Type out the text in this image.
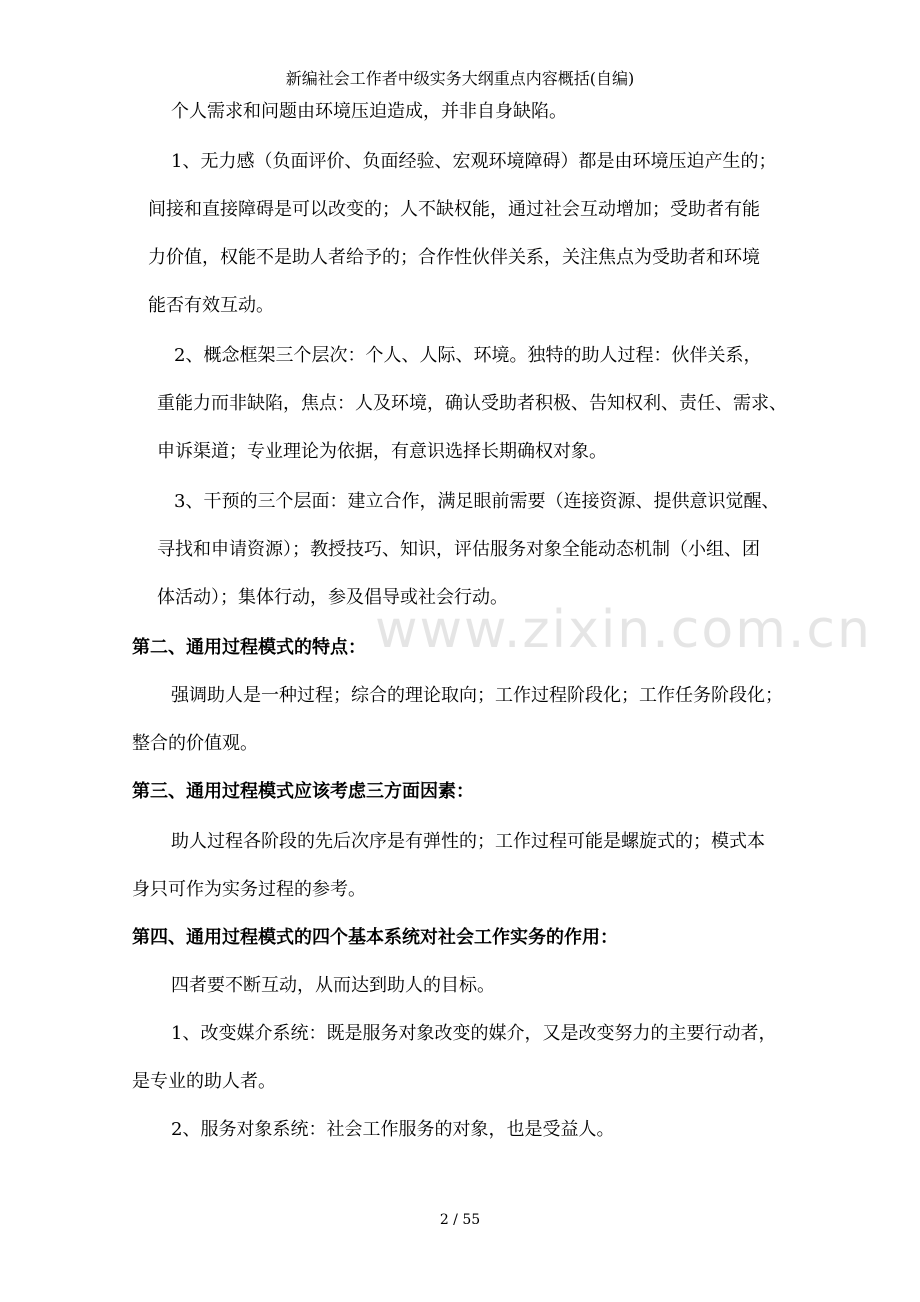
新编社会工作者中级实务大纲重点内容概括(自编)
个人需求和问题由环境压迫造成，并非自身缺陷。
1、无力感（负面评价、负面经验、宏观环境障碍）都是由环境压迫产生的；
间接和直接障碍是可以改变的；人不缺权能，通过社会互动增加；受助者有能
力价值，权能不是助人者给予的；合作性伙伴关系，关注焦点为受助者和环境
能否有效互动。
2、概念框架三个层次：个人、人际、环境。独特的助人过程：伙伴关系，
重能力而非缺陷，焦点：人及环境，确认受助者积极、告知权利、责任、需求、
申诉渠道；专业理论为依据，有意识选择长期确权对象。
3、干预的三个层面：建立合作，满足眼前需要（连接资源、提供意识觉醒、
寻找和申请资源）；教授技巧、知识，评估服务对象全能动态机制（小组、团
体活动）；集体行动，参及倡导或社会行动。
第二、通用过程模式的特点：
强调助人是一种过程；综合的理论取向；工作过程阶段化；工作任务阶段化；
整合的价值观。
第三、通用过程模式应该考虑三方面因素：
助人过程各阶段的先后次序是有弹性的；工作过程可能是螺旋式的；模式本
身只可作为实务过程的参考。
第四、通用过程模式的四个基本系统对社会工作实务的作用：
四者要不断互动，从而达到助人的目标。
1、改变媒介系统：既是服务对象改变的媒介，又是改变努力的主要行动者，
是专业的助人者。
2、服务对象系统：社会工作服务的对象，也是受益人。
www.zixin.com.cn
2 / 55
